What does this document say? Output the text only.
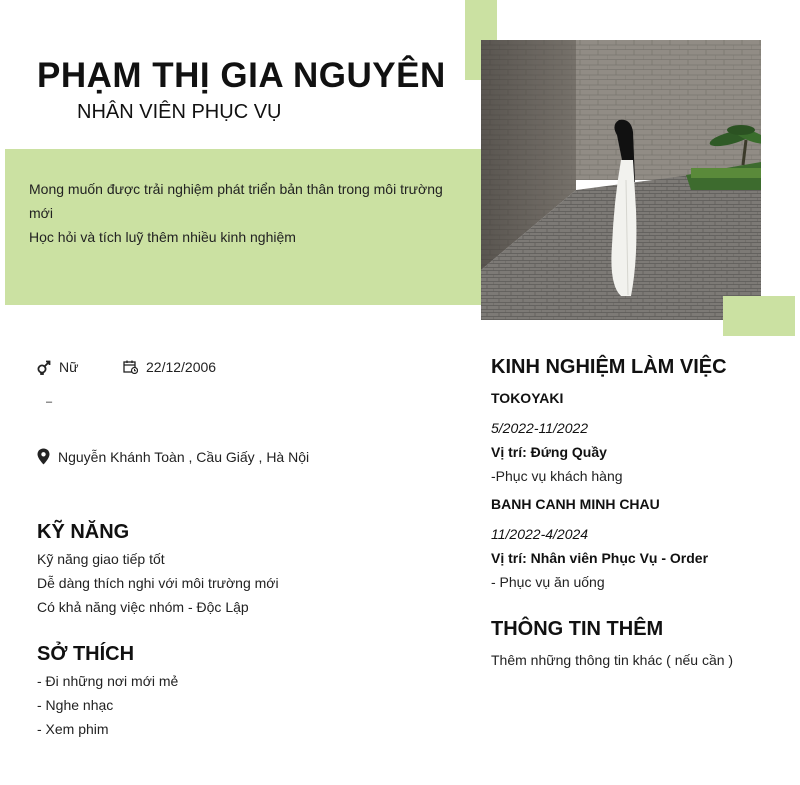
PHẠM THỊ GIA NGUYÊN
NHÂN VIÊN PHỤC VỤ
Mong muốn được trải nghiệm phát triển bản thân trong môi trường
mới
Học hỏi và tích luỹ thêm nhiều kinh nghiệm
Nữ	22/12/2006
–
Nguyễn Khánh Toàn , Cầu Giấy , Hà Nội
KỸ NĂNG
Kỹ năng giao tiếp tốt
Dễ dàng thích nghi với môi trường mới
Có khả năng việc nhóm - Độc Lập
SỞ THÍCH
- Đi những nơi mới mẻ
- Nghe nhạc
- Xem phim
KINH NGHIỆM LÀM VIỆC
TOKOYAKI
5/2022-11/2022
Vị trí: Đứng Quầy
-Phục vụ khách hàng
BANH CANH MINH CHAU
11/2022-4/2024
Vị trí: Nhân viên Phục Vụ - Order
- Phục vụ ăn uống
THÔNG TIN THÊM
Thêm những thông tin khác ( nếu cần )
